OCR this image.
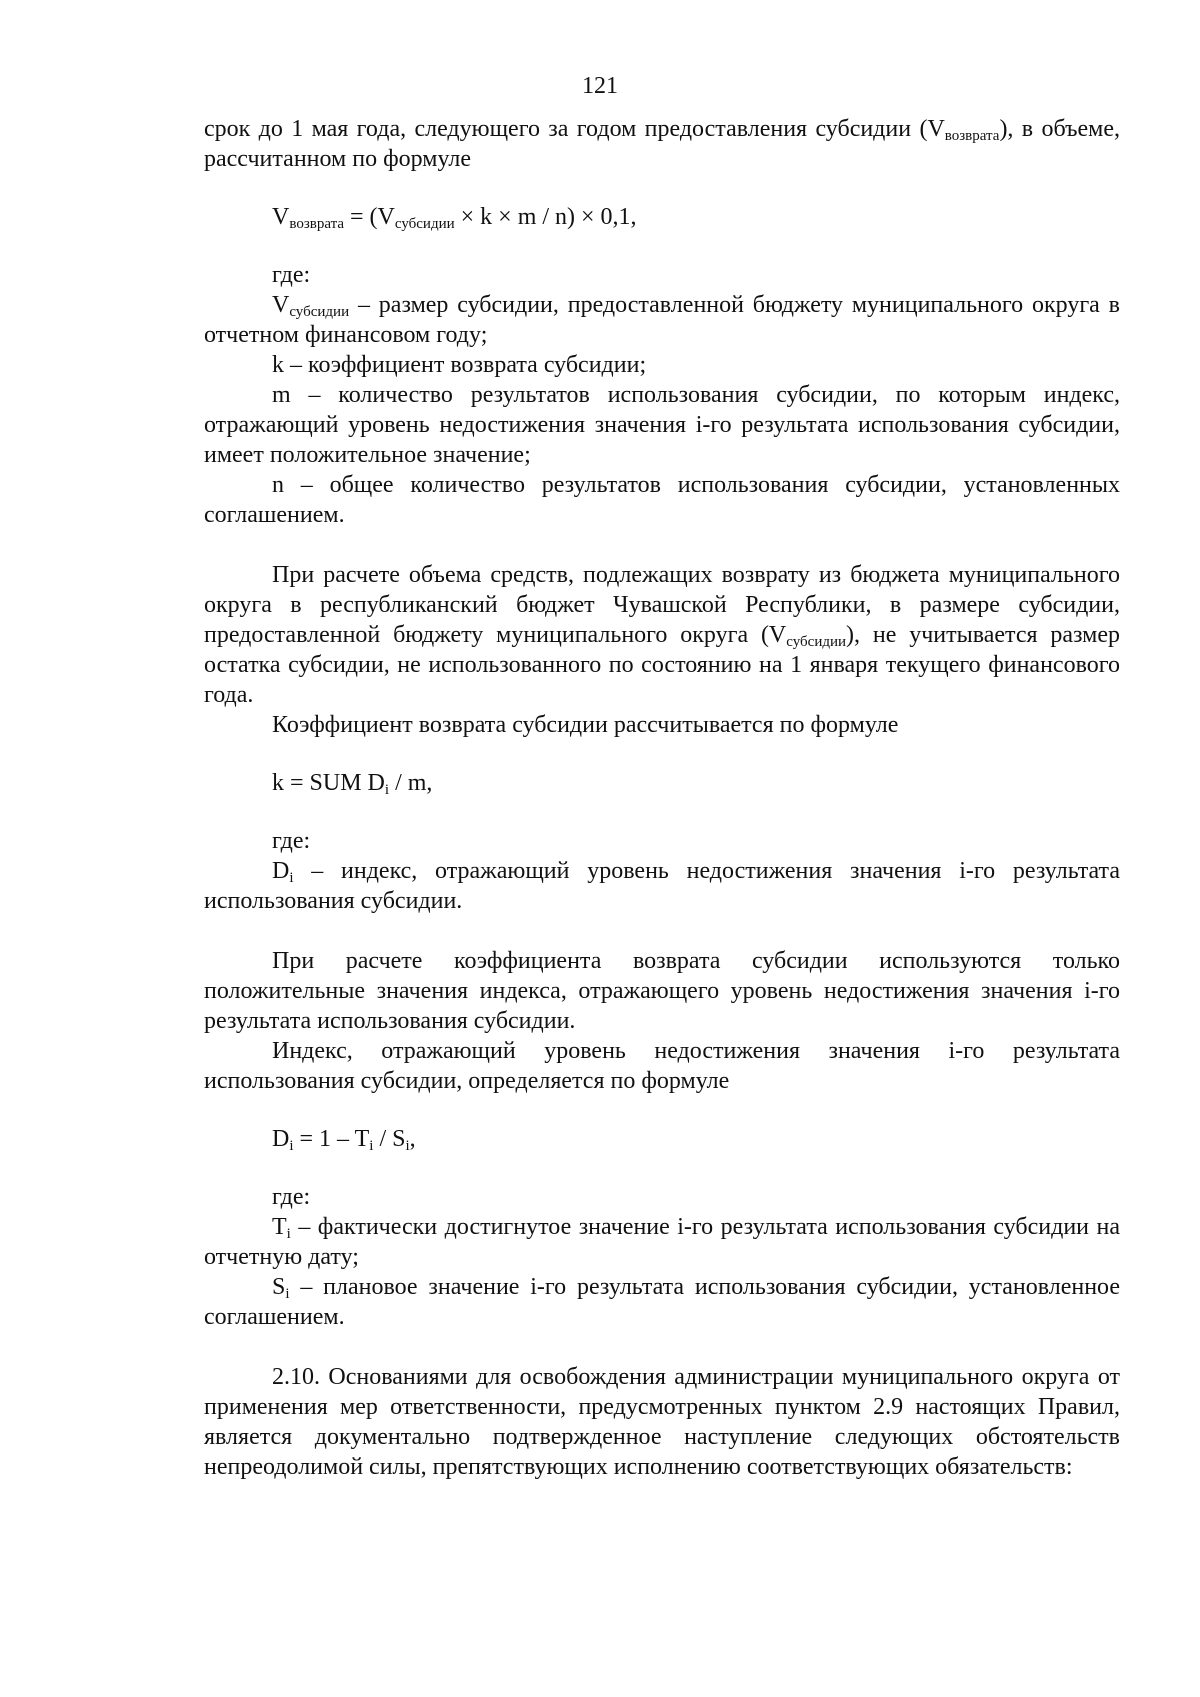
121

срок до 1 мая года, следующего за годом предоставления субсидии $(V_{возврата})$, в объеме, рассчитанном по формуле

$V_{возврата} = (V_{субсидии} \times k \times m / n) \times 0,1$,

где:

$V_{субсидии}$ – размер субсидии, предоставленной бюджету муниципального округа в отчетном финансовом году;

k – коэффициент возврата субсидии;

m – количество результатов использования субсидии, по которым индекс, отражающий уровень недостижения значения i-го результата использования субсидии, имеет положительное значение;

n – общее количество результатов использования субсидии, установленных соглашением.

При расчете объема средств, подлежащих возврату из бюджета муниципального округа в республиканский бюджет Чувашской Республики, в размере субсидии, предоставленной бюджету муниципального округа $(V_{субсидии})$, не учитывается размер остатка субсидии, не использованного по состоянию на 1 января текущего финансового года.

Коэффициент возврата субсидии рассчитывается по формуле

k = SUM $D_i$ / m,

где:

$D_i$ – индекс, отражающий уровень недостижения значения i-го результата использования субсидии.

При расчете коэффициента возврата субсидии используются только положительные значения индекса, отражающего уровень недостижения значения i-го результата использования субсидии.

Индекс, отражающий уровень недостижения значения i-го результата использования субсидии, определяется по формуле

$D_i = 1 - T_i / S_i$,

где:

$T_i$ – фактически достигнутое значение i-го результата использования субсидии на отчетную дату;

$S_i$ – плановое значение i-го результата использования субсидии, установленное соглашением.

2.10. Основаниями для освобождения администрации муниципального округа от применения мер ответственности, предусмотренных пунктом 2.9 настоящих Правил, является документально подтвержденное наступление следующих обстоятельств непреодолимой силы, препятствующих исполнению соответствующих обязательств:
